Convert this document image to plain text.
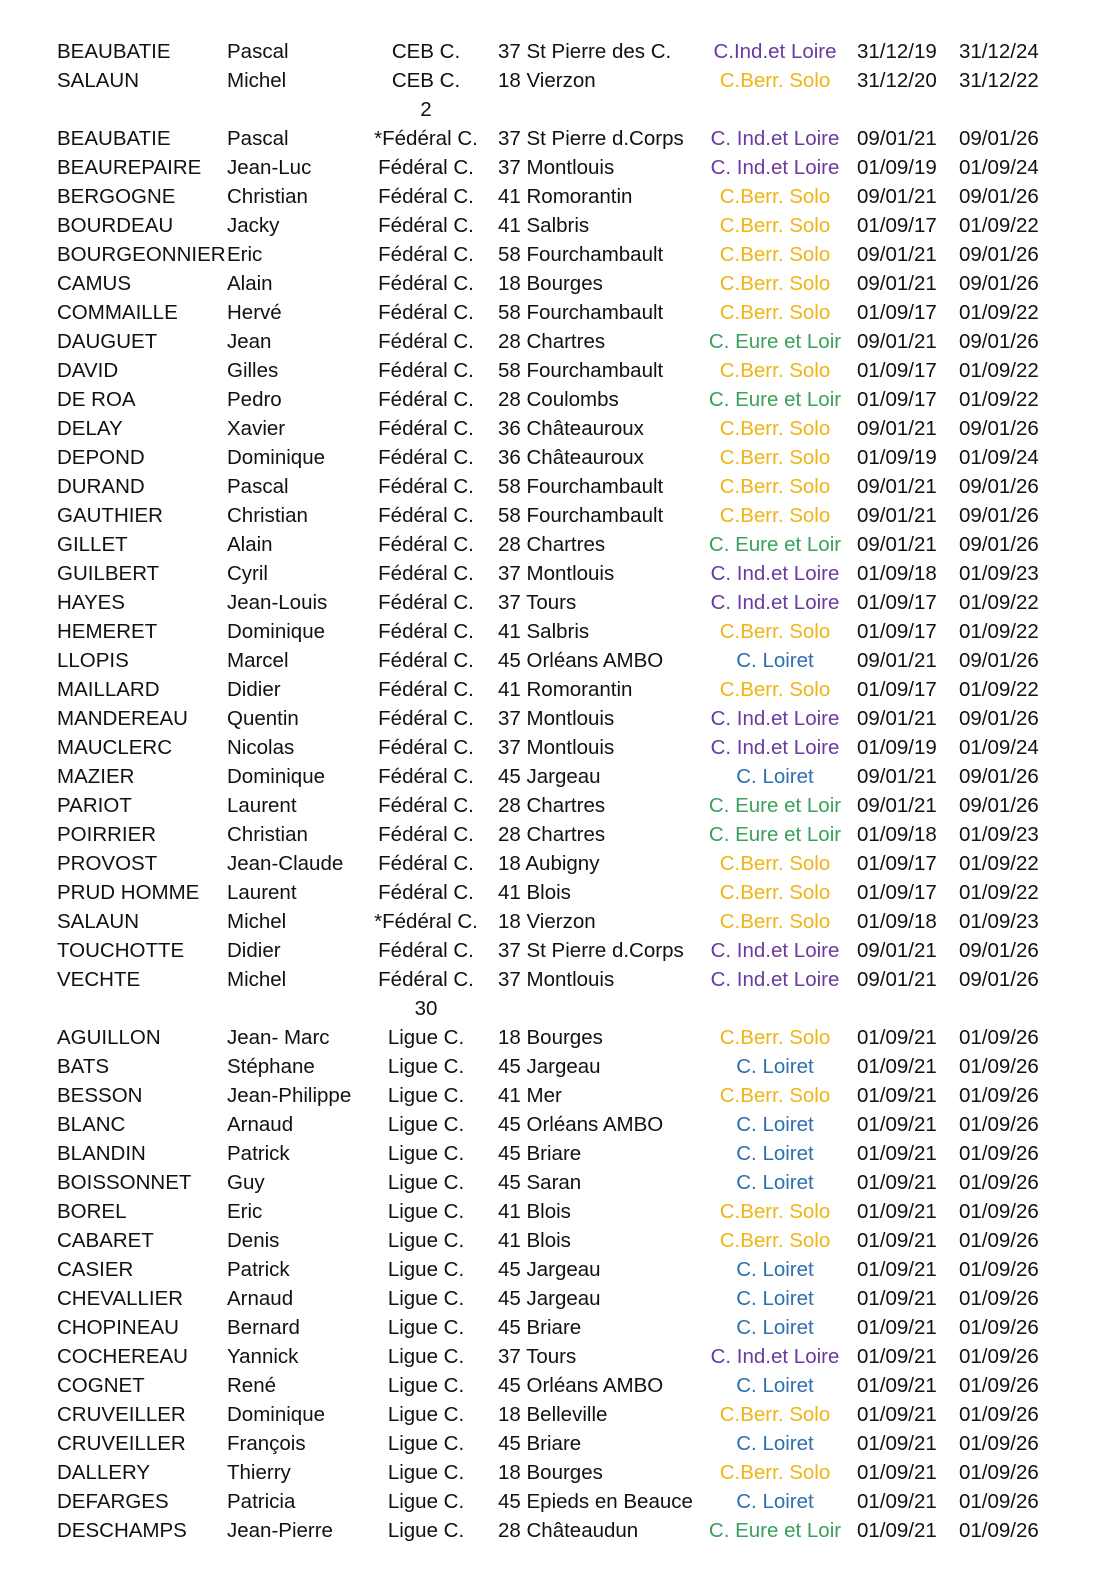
BEAUBATIE	Pascal	CEB C.	37 St Pierre des C.	C.Ind.et Loire 31/12/19 31/12/24
SALAUN	Michel	CEB C.	18 Vierzon	C.Berr. Solo	31/12/20 31/12/22
2
BEAUBATIE	Pascal	*Fédéral C. 37 St Pierre d.Corps	C. Ind.et Loire 09/01/21 09/01/26
BEAUREPAIRE Jean-Luc	Fédéral C.	37 Montlouis	C. Ind.et Loire 01/09/19 01/09/24
BERGOGNE	Christian	Fédéral C.	41 Romorantin	C.Berr. Solo	09/01/21 09/01/26
BOURDEAU	Jacky	Fédéral C.	41 Salbris	C.Berr. Solo	01/09/17 01/09/22
BOURGEONNIER Eric	Fédéral C.	58 Fourchambault	C.Berr. Solo	09/01/21 09/01/26
CAMUS	Alain	Fédéral C.	18 Bourges	C.Berr. Solo	09/01/21 09/01/26
COMMAILLE Hervé	Fédéral C.	58 Fourchambault	C.Berr. Solo	01/09/17 01/09/22
DAUGUET	Jean	Fédéral C.	28 Chartres	C. Eure et Loir 09/01/21 09/01/26
DAVID	Gilles	Fédéral C.	58 Fourchambault	C.Berr. Solo	01/09/17 01/09/22
DE ROA	Pedro	Fédéral C.	28 Coulombs	C. Eure et Loir 01/09/17 01/09/22
DELAY	Xavier	Fédéral C.	36 Châteauroux	C.Berr. Solo	09/01/21 09/01/26
DEPOND	Dominique	Fédéral C.	36 Châteauroux	C.Berr. Solo	01/09/19 01/09/24
DURAND	Pascal	Fédéral C.	58 Fourchambault	C.Berr. Solo	09/01/21 09/01/26
GAUTHIER	Christian	Fédéral C.	58 Fourchambault	C.Berr. Solo	09/01/21 09/01/26
GILLET	Alain	Fédéral C.	28 Chartres	C. Eure et Loir 09/01/21 09/01/26
GUILBERT	Cyril	Fédéral C.	37 Montlouis	C. Ind.et Loire 01/09/18 01/09/23
HAYES	Jean-Louis	Fédéral C.	37 Tours	C. Ind.et Loire 01/09/17 01/09/22
HEMERET	Dominique	Fédéral C.	41 Salbris	C.Berr. Solo	01/09/17 01/09/22
LLOPIS	Marcel	Fédéral C.	45 Orléans AMBO	C. Loiret	09/01/21 09/01/26
MAILLARD	Didier	Fédéral C.	41 Romorantin	C.Berr. Solo	01/09/17 01/09/22
MANDEREAU Quentin	Fédéral C.	37 Montlouis	C. Ind.et Loire 09/01/21 09/01/26
MAUCLERC	Nicolas	Fédéral C.	37 Montlouis	C. Ind.et Loire 01/09/19 01/09/24
MAZIER	Dominique	Fédéral C.	45 Jargeau	C. Loiret	09/01/21 09/01/26
PARIOT	Laurent	Fédéral C.	28 Chartres	C. Eure et Loir 09/01/21 09/01/26
POIRRIER	Christian	Fédéral C.	28 Chartres	C. Eure et Loir 01/09/18 01/09/23
PROVOST	Jean-Claude	Fédéral C.	18 Aubigny	C.Berr. Solo	01/09/17 01/09/22
PRUD HOMME Laurent	Fédéral C.	41 Blois	C.Berr. Solo	01/09/17 01/09/22
SALAUN	Michel	*Fédéral C. 18 Vierzon	C.Berr. Solo	01/09/18 01/09/23
TOUCHOTTE Didier	Fédéral C.	37 St Pierre d.Corps	C. Ind.et Loire 09/01/21 09/01/26
VECHTE	Michel	Fédéral C.	37 Montlouis	C. Ind.et Loire 09/01/21 09/01/26
30
AGUILLON	Jean- Marc	Ligue C.	18 Bourges	C.Berr. Solo	01/09/21 01/09/26
BATS	Stéphane	Ligue C.	45 Jargeau	C. Loiret	01/09/21 01/09/26
BESSON	Jean-Philippe	Ligue C.	41 Mer	C.Berr. Solo	01/09/21 01/09/26
BLANC	Arnaud	Ligue C.	45 Orléans AMBO	C. Loiret	01/09/21 01/09/26
BLANDIN	Patrick	Ligue C.	45 Briare	C. Loiret	01/09/21 01/09/26
BOISSONNET Guy	Ligue C.	45 Saran	C. Loiret	01/09/21 01/09/26
BOREL	Eric	Ligue C.	41 Blois	C.Berr. Solo	01/09/21 01/09/26
CABARET	Denis	Ligue C.	41 Blois	C.Berr. Solo	01/09/21 01/09/26
CASIER	Patrick	Ligue C.	45 Jargeau	C. Loiret	01/09/21 01/09/26
CHEVALLIER Arnaud	Ligue C.	45 Jargeau	C. Loiret	01/09/21 01/09/26
CHOPINEAU Bernard	Ligue C.	45 Briare	C. Loiret	01/09/21 01/09/26
COCHEREAU Yannick	Ligue C.	37 Tours	C. Ind.et Loire 01/09/21 01/09/26
COGNET	René	Ligue C.	45 Orléans AMBO	C. Loiret	01/09/21 01/09/26
CRUVEILLER Dominique	Ligue C.	18 Belleville	C.Berr. Solo	01/09/21 01/09/26
CRUVEILLER François	Ligue C.	45 Briare	C. Loiret	01/09/21 01/09/26
DALLERY	Thierry	Ligue C.	18 Bourges	C.Berr. Solo	01/09/21 01/09/26
DEFARGES	Patricia	Ligue C.	45 Epieds en Beauce	C. Loiret	01/09/21 01/09/26
DESCHAMPS Jean-Pierre	Ligue C.	28 Châteaudun	C. Eure et Loir 01/09/21 01/09/26
